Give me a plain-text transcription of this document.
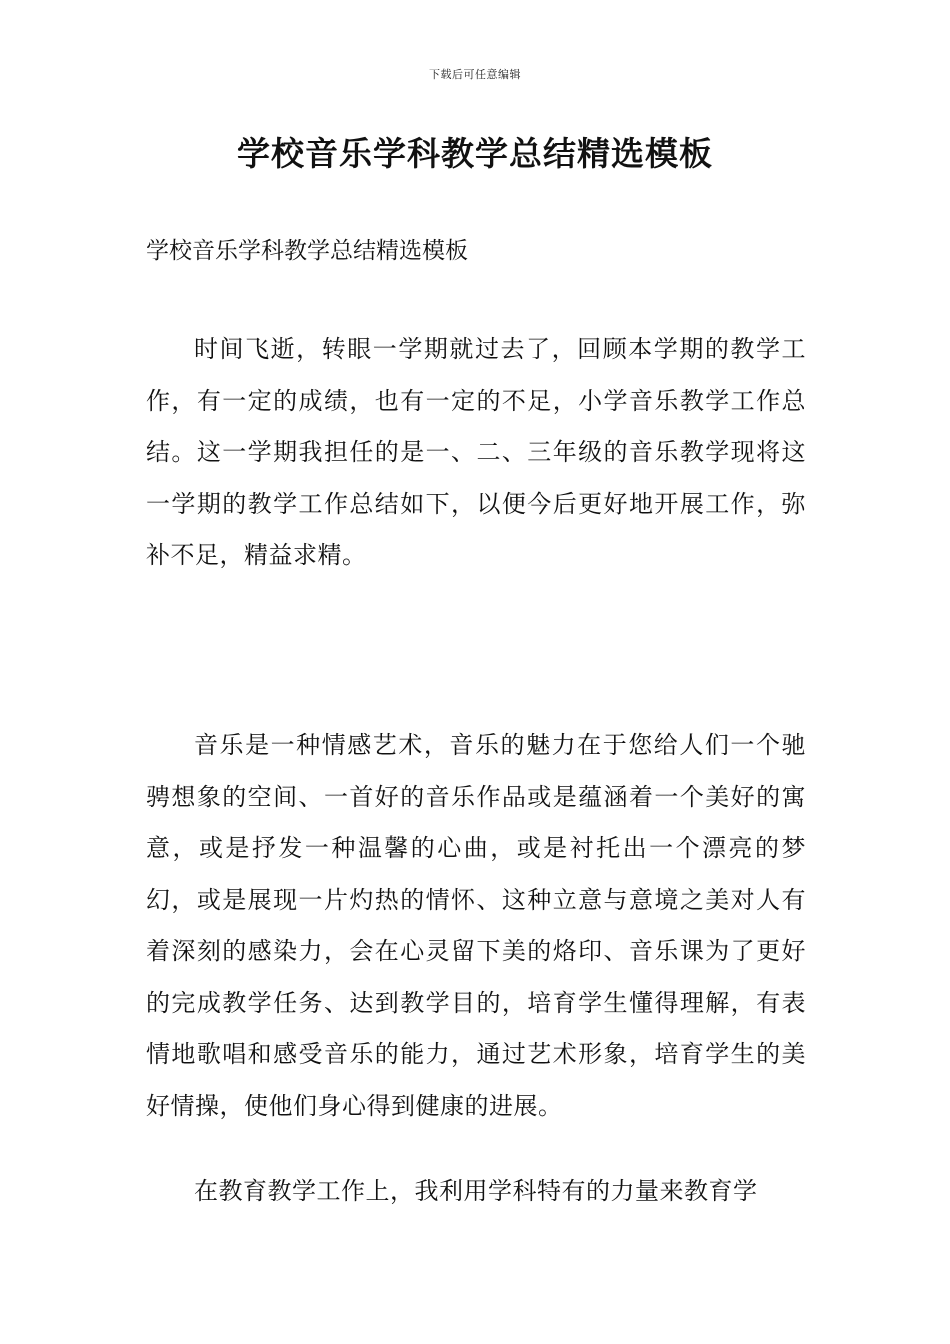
下载后可任意编辑
学校音乐学科教学总结精选模板

学校音乐学科教学总结精选模板

时间飞逝，转眼一学期就过去了，回顾本学期的教学工作，有一定的成绩，也有一定的不足，小学音乐教学工作总结。这一学期我担任的是一、二、三年级的音乐教学现将这一学期的教学工作总结如下，以便今后更好地开展工作，弥补不足，精益求精。

音乐是一种情感艺术，音乐的魅力在于您给人们一个驰骋想象的空间、一首好的音乐作品或是蕴涵着一个美好的寓意，或是抒发一种温馨的心曲，或是衬托出一个漂亮的梦幻，或是展现一片灼热的情怀、这种立意与意境之美对人有着深刻的感染力，会在心灵留下美的烙印、音乐课为了更好的完成教学任务、达到教学目的，培育学生懂得理解，有表情地歌唱和感受音乐的能力，通过艺术形象，培育学生的美好情操，使他们身心得到健康的进展。

在教育教学工作上，我利用学科特有的力量来教育学
